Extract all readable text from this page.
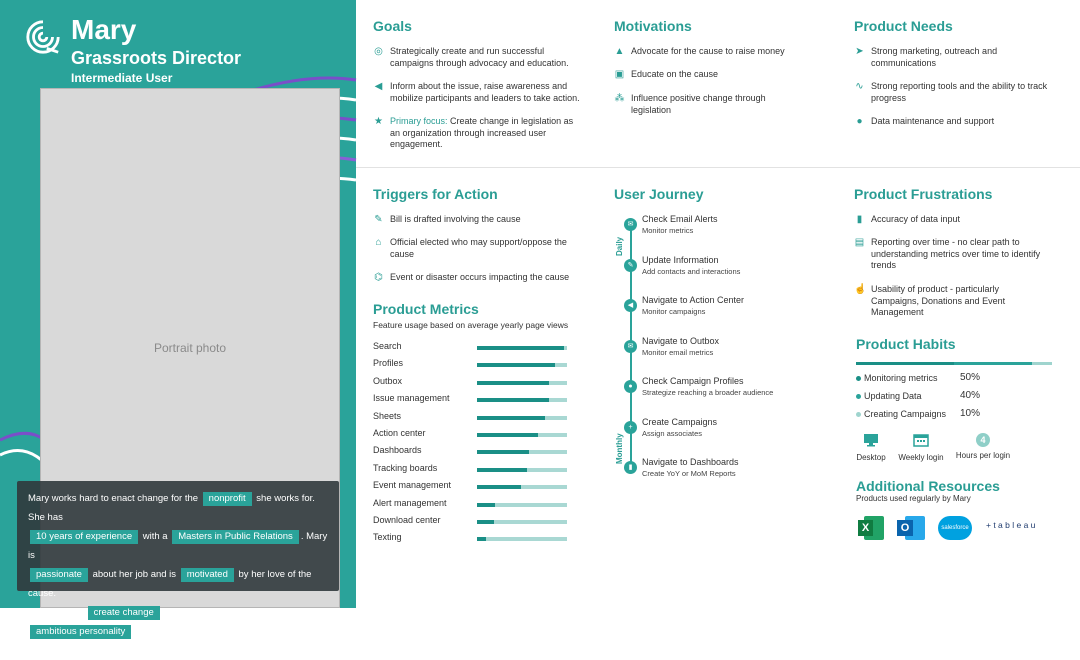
Portrait photo
Mary
Grassroots Director
Intermediate User
Mary works hard to enact change for the nonprofit she works for. She has
10 years of experience with a Masters in Public Relations . Mary is
passionate about her job and is motivated by her love of the cause.
She wants to create change and believes her ambitious personality
will help guide the goals of the nonprofit.
Goals
◎ Strategically create and run successful campaigns through advocacy and education.
◀ Inform about the issue, raise awareness and mobilize participants and leaders to take action.
★ Primary focus: Create change in legislation as an organization through increased user engagement.
Motivations
▲ Advocate for the cause to raise money
▣ Educate on the cause
⁂ Influence positive change through legislation
Product Needs
➤ Strong marketing, outreach and communications
∿ Strong reporting tools and the ability to track progress
● Data maintenance and support
Triggers for Action
✎ Bill is drafted involving the cause
⌂ Official elected who may support/oppose the cause
⌬ Event or disaster occurs impacting the cause
Product Metrics
Feature usage based on average yearly page views
Search
Profiles
Outbox
Issue management
Sheets
Action center
Dashboards
Tracking boards
Event management
Alert management
Download center
Texting
User Journey
Daily
Monthly
✉
Check Email Alerts
Monitor metrics
✎
Update Information
Add contacts and interactions
◀
Navigate to Action Center
Monitor campaigns
✉
Navigate to Outbox
Monitor email metrics
●
Check Campaign Profiles
Strategize reaching a broader audience
+
Create Campaigns
Assign associates
▮
Navigate to Dashboards
Create YoY or MoM Reports
Product Frustrations
▮ Accuracy of data input
▤ Reporting over time - no clear path to understanding metrics over time to identify trends
☝ Usability of product - particularly Campaigns, Donations and Event Management
Product Habits
Monitoring metrics 50%
Updating Data	40%
Creating Campaigns 10%
Desktop Weekly login
4
Hours per login
Additional Resources
Products used regularly by Mary
X	O	salesforce	+ t a b l e a u
